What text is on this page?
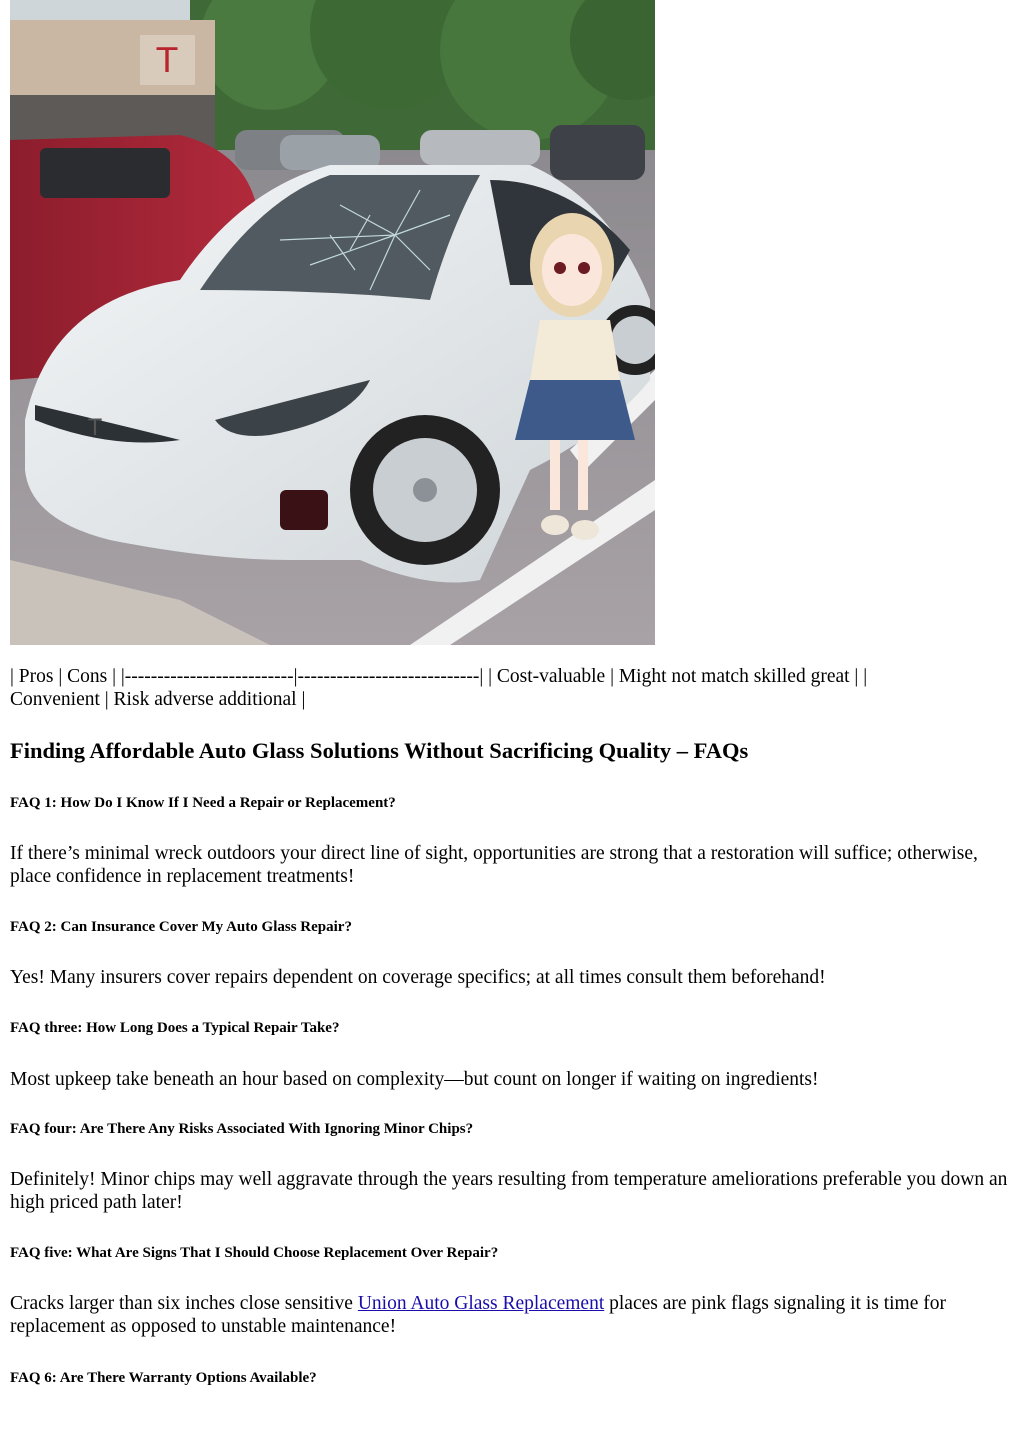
T
T

| Pros | Cons | |--------------------------|----------------------------| | Cost-valuable | Might not match skilled great | |
Convenient | Risk adverse additional |

Finding Affordable Auto Glass Solutions Without Sacrificing Quality – FAQs
FAQ 1: How Do I Know If I Need a Repair or Replacement?

If there’s minimal wreck outdoors your direct line of sight, opportunities are strong that a restoration will suffice; otherwise, place confidence in replacement treatments!

FAQ 2: Can Insurance Cover My Auto Glass Repair?

Yes! Many insurers cover repairs dependent on coverage specifics; at all times consult them beforehand!

FAQ three: How Long Does a Typical Repair Take?

Most upkeep take beneath an hour based on complexity—but count on longer if waiting on ingredients!

FAQ four: Are There Any Risks Associated With Ignoring Minor Chips?

Definitely! Minor chips may well aggravate through the years resulting from temperature ameliorations preferable you down an high priced path later!

FAQ five: What Are Signs That I Should Choose Replacement Over Repair?

Cracks larger than six inches close sensitive Union Auto Glass Replacement places are pink flags signaling it is time for replacement as opposed to unstable maintenance!

FAQ 6: Are There Warranty Options Available?
